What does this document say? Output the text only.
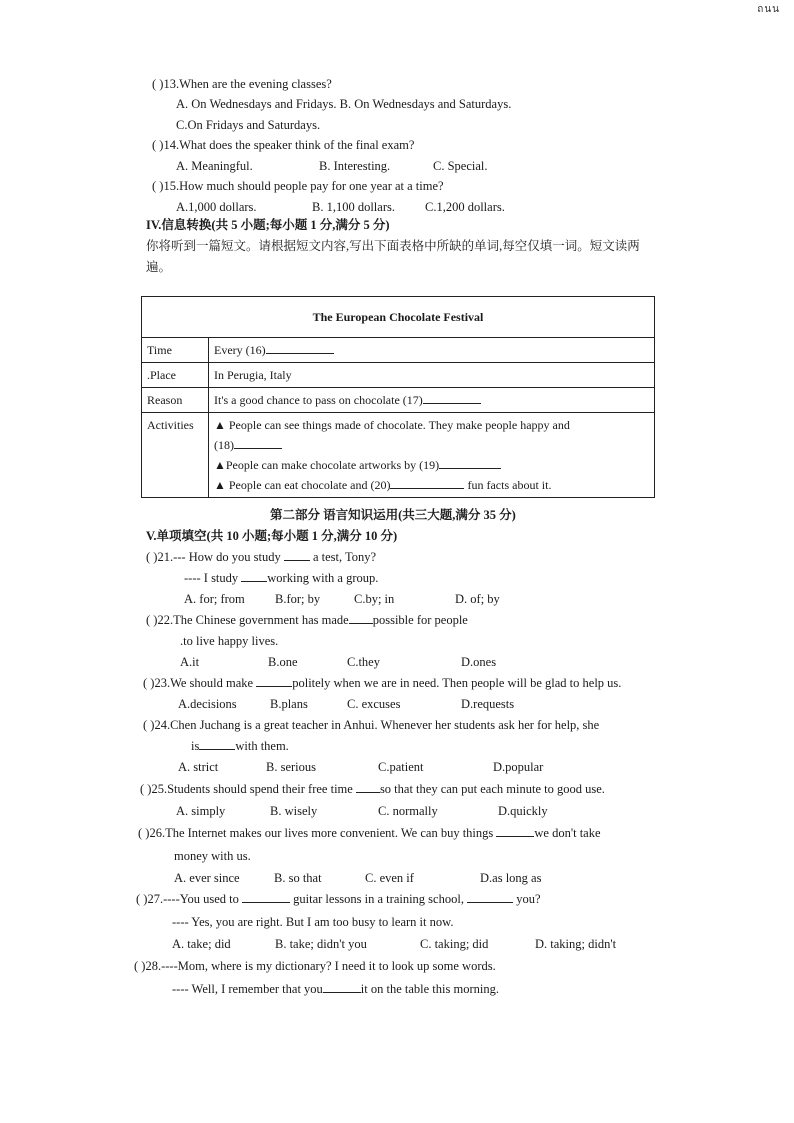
ถนน
( )13.When are the evening classes?
A. On Wednesdays and Fridays. B. On Wednesdays and Saturdays.
C.On Fridays and Saturdays.
( )14.What does the speaker think of the final exam?
A. Meaningful.	B. Interesting.	C. Special.
( )15.How much should people pay for one year at a time?
A.1,000 dollars.	B. 1,100 dollars. C.1,200 dollars.
IV.信息转换(共 5 小题;每小题 1 分,满分 5 分)
你将听到一篇短文。请根据短文内容,写出下面表格中所缺的单词,每空仅填一词。短文读两
遍。
The European Chocolate Festival	
Time	Every (16)
.Place	In Perugia, Italy
Reason	It's a good chance to pass on chocolate (17)
Activities	▲ People can see things made of chocolate. They make people happy and
(18)
▲People can make chocolate artworks by (19)
▲ People can eat chocolate and (20) fun facts about it.
第二部分 语言知识运用(共三大题,满分 35 分)
V.单项填空(共 10 小题;每小题 1 分,满分 10 分)
( )21.--- How do you study	a test, Tony?
---- I study working with a group.
A. for; from B.for; by	C.by; in	D. of; by
( )22.The Chinese government has made possible for people
.to live happy lives.
A.it	B.one	C.they	D.ones
( )23.We should make	politely when we are in need. Then people will be glad to help us.
A.decisions	B.plans	C. excuses	D.requests
( )24.Chen Juchang is a great teacher in Anhui. Whenever her students ask her for help, she
is	with them.
A. strict	B. serious	C.patient	D.popular
( )25.Students should spend their free time so that they can put each minute to good use.
A. simply	B. wisely	C. normally	D.quickly
( )26.The Internet makes our lives more convenient. We can buy things	we don't take
money with us.
A. ever since	B. so that	C. even if	D.as long as
( )27.----You used to	guitar lessons in a training school,	you?
---- Yes, you are right. But I am too busy to learn it now.
A. take; did	B. take; didn't you	C. taking; did	D. taking; didn't
( )28.----Mom, where is my dictionary? I need it to look up some words.
---- Well, I remember that you	it on the table this morning.
